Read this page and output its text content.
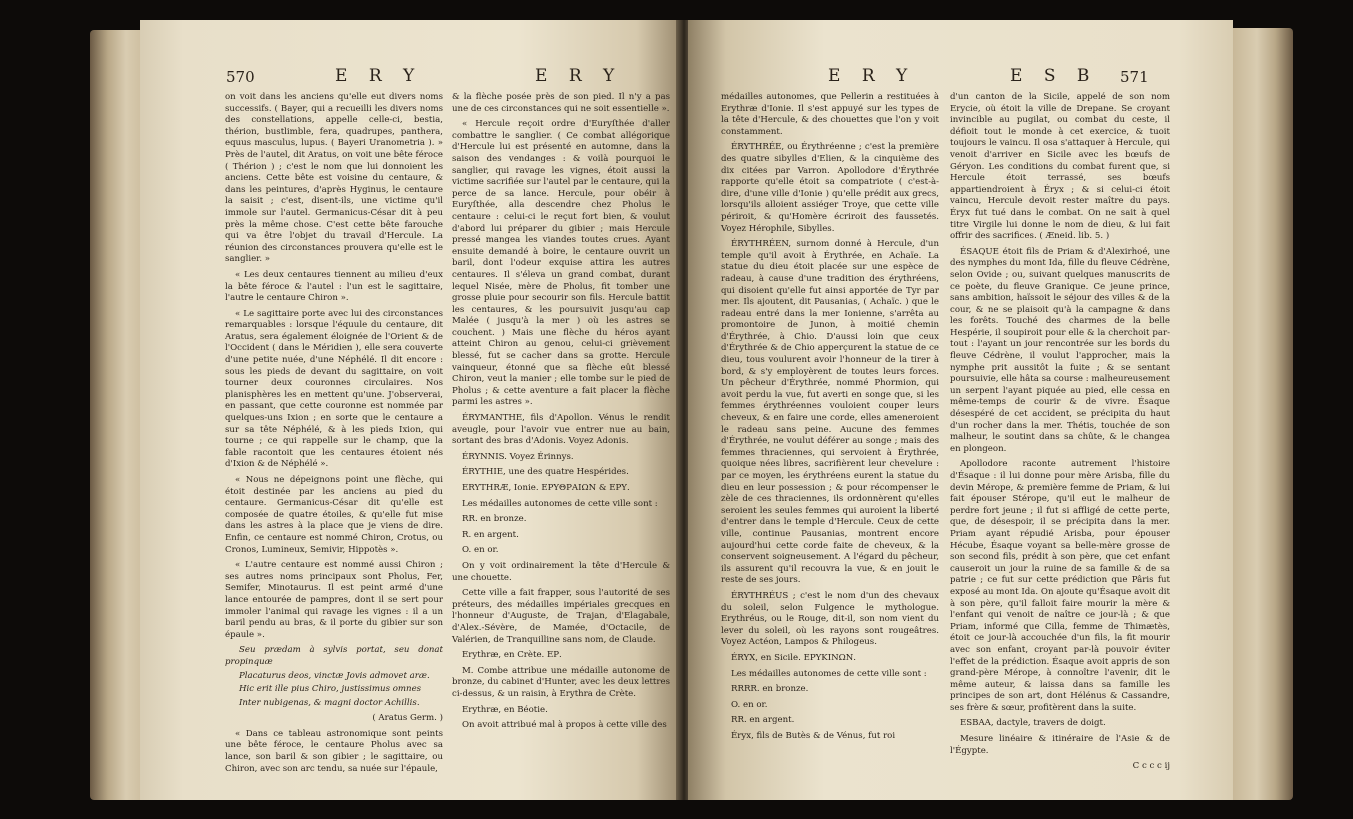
570	E R Y	E R Y

on voit dans les anciens qu'elle eut divers noms successifs. ( Bayer, qui a recueilli les divers noms des constellations, appelle celle-ci, bestia, thérion, bustlimble, fera, quadrupes, panthera, equus masculus, lupus. ( Bayeri Uranometria ). » Près de l'autel, dit Aratus, on voit une bête féroce ( Thérion ) ; c'est le nom que lui donnoient les anciens. Cette bête est voisine du centaure, & dans les peintures, d'après Hyginus, le centaure la saisit ; c'est, disent-ils, une victime qu'il immole sur l'autel. Germanicus-César dit à peu près la même chose. C'est cette bête farouche qui va être l'objet du travail d'Hercule. La réunion des circonstances prouvera qu'elle est le sanglier. »

« Les deux centaures tiennent au milieu d'eux la bête féroce & l'autel : l'un est le sagittaire, l'autre le centaure Chiron ».

« Le sagittaire porte avec lui des circonstances remarquables : lorsque l'équule du centaure, dit Aratus, sera également éloignée de l'Orient & de l'Occident ( dans le Méridien ), elle sera couverte d'une petite nuée, d'une Néphélé. Il dit encore : sous les pieds de devant du sagittaire, on voit tourner deux couronnes circulaires. Nos planisphères les en mettent qu'une. J'observerai, en passant, que cette couronne est nommée par quelques-uns Ixion ; en sorte que le centaure a sur sa tête Néphélé, & à les pieds Ixion, qui tourne ; ce qui rappelle sur le champ, que la fable racontoit que les centaures étoient nés d'Ixion & de Néphélé ».

« Nous ne dépeignons point une flèche, qui étoit destinée par les anciens au pied du centaure. Germanicus-César dit qu'elle est composée de quatre étoiles, & qu'elle fut mise dans les astres à la place que je viens de dire. Enfin, ce centaure est nommé Chiron, Crotus, ou Cronos, Lumineux, Semivir, Hippotès ».

« L'autre centaure est nommé aussi Chiron ; ses autres noms principaux sont Pholus, Fer, Semifer, Minotaurus. Il est peint armé d'une lance entourée de pampres, dont il se sert pour immoler l'animal qui ravage les vignes : il a un baril pendu au bras, & il porte du gibier sur son épaule ».

Seu prædam à sylvis portat, seu donat propinquæ

Placaturus deos, vinctæ Jovis admovet aræ.

Hic erit ille pius Chiro, justissimus omnes

Inter nubigenas, & magni doctor Achillis.

( Aratus Germ. )

« Dans ce tableau astronomique sont peints une bête féroce, le centaure Pholus avec sa lance, son baril & son gibier ; le sagittaire, ou Chiron, avec son arc tendu, sa nuée sur l'épaule,

& la flèche posée près de son pied. Il n'y a pas une de ces circonstances qui ne soit essentielle ».

« Hercule reçoit ordre d'Euryſthée d'aller combattre le sanglier. ( Ce combat allégorique d'Hercule lui est présenté en automne, dans la saison des vendanges : & voilà pourquoi le sanglier, qui ravage les vignes, étoit aussi la victime sacrifiée sur l'autel par le centaure, qui la perce de sa lance. Hercule, pour obéir à Euryſthée, alla descendre chez Pholus le centaure : celui-ci le reçut fort bien, & voulut d'abord lui préparer du gibier ; mais Hercule pressé mangea les viandes toutes crues. Ayant ensuite demandé à boire, le centaure ouvrit un baril, dont l'odeur exquise attira les autres centaures. Il s'éleva un grand combat, durant lequel Nisée, mère de Pholus, fit tomber une grosse pluie pour secourir son fils. Hercule battit les centaures, & les poursuivit jusqu'au cap Malée ( jusqu'à la mer ) où les astres se couchent. ) Mais une flèche du héros ayant atteint Chiron au genou, celui-ci grièvement blessé, fut se cacher dans sa grotte. Hercule vainqueur, étonné que sa flèche eût blessé Chiron, veut la manier ; elle tombe sur le pied de Pholus ; & cette aventure a fait placer la flèche parmi les astres ».

ÉRYMANTHE, fils d'Apollon. Vénus le rendit aveugle, pour l'avoir vue entrer nue au bain, sortant des bras d'Adonis. Voyez Adonis.

ÉRYNNIS. Voyez Érinnys.

ÉRYTHIE, une des quatre Hespérides.

ERYTHRÆ, Ionie. ΕΡΥΘΡΑΙΩΝ & ΕΡΥ.

Les médailles autonomes de cette ville sont :

RR. en bronze.

R. en argent.

O. en or.

On y voit ordinairement la tête d'Hercule & une chouette.

Cette ville a fait frapper, sous l'autorité de ses préteurs, des médailles impériales grecques en l'honneur d'Auguste, de Trajan, d'Elagabale, d'Alex.-Sévère, de Mamée, d'Octacile, de Valérien, de Tranquilline sans nom, de Claude.

Erythræ, en Crète. ΕΡ.

M. Combe attribue une médaille autonome de bronze, du cabinet d'Hunter, avec les deux lettres ci-dessus, & un raisin, à Erythra de Crète.

Erythræ, en Béotie.

On avoit attribué mal à propos à cette ville des

E R Y	E S B 571

médailles autonomes, que Pellerin a restituées à Erythræ d'Ionie. Il s'est appuyé sur les types de la tête d'Hercule, & des chouettes que l'on y voit constamment.

ÉRYTHRÉE, ou Érythréenne ; c'est la première des quatre sibylles d'Elien, & la cinquième des dix citées par Varron. Apollodore d'Érythrée rapporte qu'elle étoit sa compatriote ( c'est-à-dire, d'une ville d'Ionie ) qu'elle prédit aux grecs, lorsqu'ils alloient assiéger Troye, que cette ville périroit, & qu'Homère écriroit des faussetés. Voyez Hérophile, Sibylles.

ÉRYTHRÉEN, surnom donné à Hercule, d'un temple qu'il avoit à Érythrée, en Achaïe. La statue du dieu étoit placée sur une espèce de radeau, à cause d'une tradition des érythréens, qui disoient qu'elle fut ainsi apportée de Tyr par mer. Ils ajoutent, dit Pausanias, ( Achaïc. ) que le radeau entré dans la mer Ionienne, s'arrêta au promontoire de Junon, à moitié chemin d'Érythrée, à Chio. D'aussi loin que ceux d'Érythrée & de Chio apperçurent la statue de ce dieu, tous voulurent avoir l'honneur de la tirer à bord, & s'y employèrent de toutes leurs forces. Un pêcheur d'Érythrée, nommé Phormion, qui avoit perdu la vue, fut averti en songe que, si les femmes érythréennes vouloient couper leurs cheveux, & en faire une corde, elles ameneroient le radeau sans peine. Aucune des femmes d'Érythrée, ne voulut déférer au songe ; mais des femmes thraciennes, qui servoient à Érythrée, quoique nées libres, sacrifièrent leur chevelure : par ce moyen, les érythréens eurent la statue du dieu en leur possession ; & pour récompenser le zèle de ces thraciennes, ils ordonnèrent qu'elles seroient les seules femmes qui auroient la liberté d'entrer dans le temple d'Hercule. Ceux de cette ville, continue Pausanias, montrent encore aujourd'hui cette corde faite de cheveux, & la conservent soigneusement. A l'égard du pêcheur, ils assurent qu'il recouvra la vue, & en jouit le reste de ses jours.

ÉRYTHRÉUS ; c'est le nom d'un des chevaux du soleil, selon Fulgence le mythologue. Erythréus, ou le Rouge, dit-il, son nom vient du lever du soleil, où les rayons sont rougeâtres. Voyez Actéon, Lampos & Philogeus.

ÉRYX, en Sicile. ΕΡΥΚΙΝΩΝ.

Les médailles autonomes de cette ville sont :

RRRR. en bronze.

O. en or.

RR. en argent.

Éryx, fils de Butès & de Vénus, fut roi

d'un canton de la Sicile, appelé de son nom Erycie, où étoit la ville de Drepane. Se croyant invincible au pugilat, ou combat du ceste, il défioit tout le monde à cet exercice, & tuoit toujours le vaincu. Il osa s'attaquer à Hercule, qui venoit d'arriver en Sicile avec les bœufs de Géryon. Les conditions du combat furent que, si Hercule étoit terrassé, ses bœufs appartiendroient à Éryx ; & si celui-ci étoit vaincu, Hercule devoit rester maître du pays. Éryx fut tué dans le combat. On ne sait à quel titre Virgile lui donne le nom de dieu, & lui fait offrir des sacrifices. ( Æneid. lib. 5. )

ÉSAQUE étoit fils de Priam & d'Alexirhoé, une des nymphes du mont Ida, fille du fleuve Cédrène, selon Ovide ; ou, suivant quelques manuscrits de ce poète, du fleuve Granique. Ce jeune prince, sans ambition, haïssoit le séjour des villes & de la cour, & ne se plaisoit qu'à la campagne & dans les forêts. Touché des charmes de la belle Hespérie, il soupiroit pour elle & la cherchoit par-tout : l'ayant un jour rencontrée sur les bords du fleuve Cédrène, il voulut l'approcher, mais la nymphe prit aussitôt la fuite ; & se sentant poursuivie, elle hâta sa course : malheureusement un serpent l'ayant piquée au pied, elle cessa en même-temps de courir & de vivre. Ésaque désespéré de cet accident, se précipita du haut d'un rocher dans la mer. Thétis, touchée de son malheur, le soutint dans sa chûte, & le changea en plongeon.

Apollodore raconte autrement l'histoire d'Ésaque : il lui donne pour mère Arisba, fille du devin Mérope, & première femme de Priam, & lui fait épouser Stérope, qu'il eut le malheur de perdre fort jeune ; il fut si affligé de cette perte, que, de désespoir, il se précipita dans la mer. Priam ayant répudié Arisba, pour épouser Hécube, Ésaque voyant sa belle-mère grosse de son second fils, prédit à son père, que cet enfant causeroit un jour la ruine de sa famille & de sa patrie ; ce fut sur cette prédiction que Pâris fut exposé au mont Ida. On ajoute qu'Ésaque avoit dit à son père, qu'il falloit faire mourir la mère & l'enfant qui venoit de naître ce jour-là ; & que Priam, informé que Cilla, femme de Thimætès, étoit ce jour-là accouchée d'un fils, la fit mourir avec son enfant, croyant par-là pouvoir éviter l'effet de la prédiction. Ésaque avoit appris de son grand-père Mérope, à connoître l'avenir, dit le même auteur, & laissa dans sa famille les principes de son art, dont Hélénus & Cassandre, ses frère & sœur, profitèrent dans la suite.

ESBAA, dactyle, travers de doigt.

Mesure linéaire & itinéraire de l'Asie & de l'Égypte.

C c c c ij
